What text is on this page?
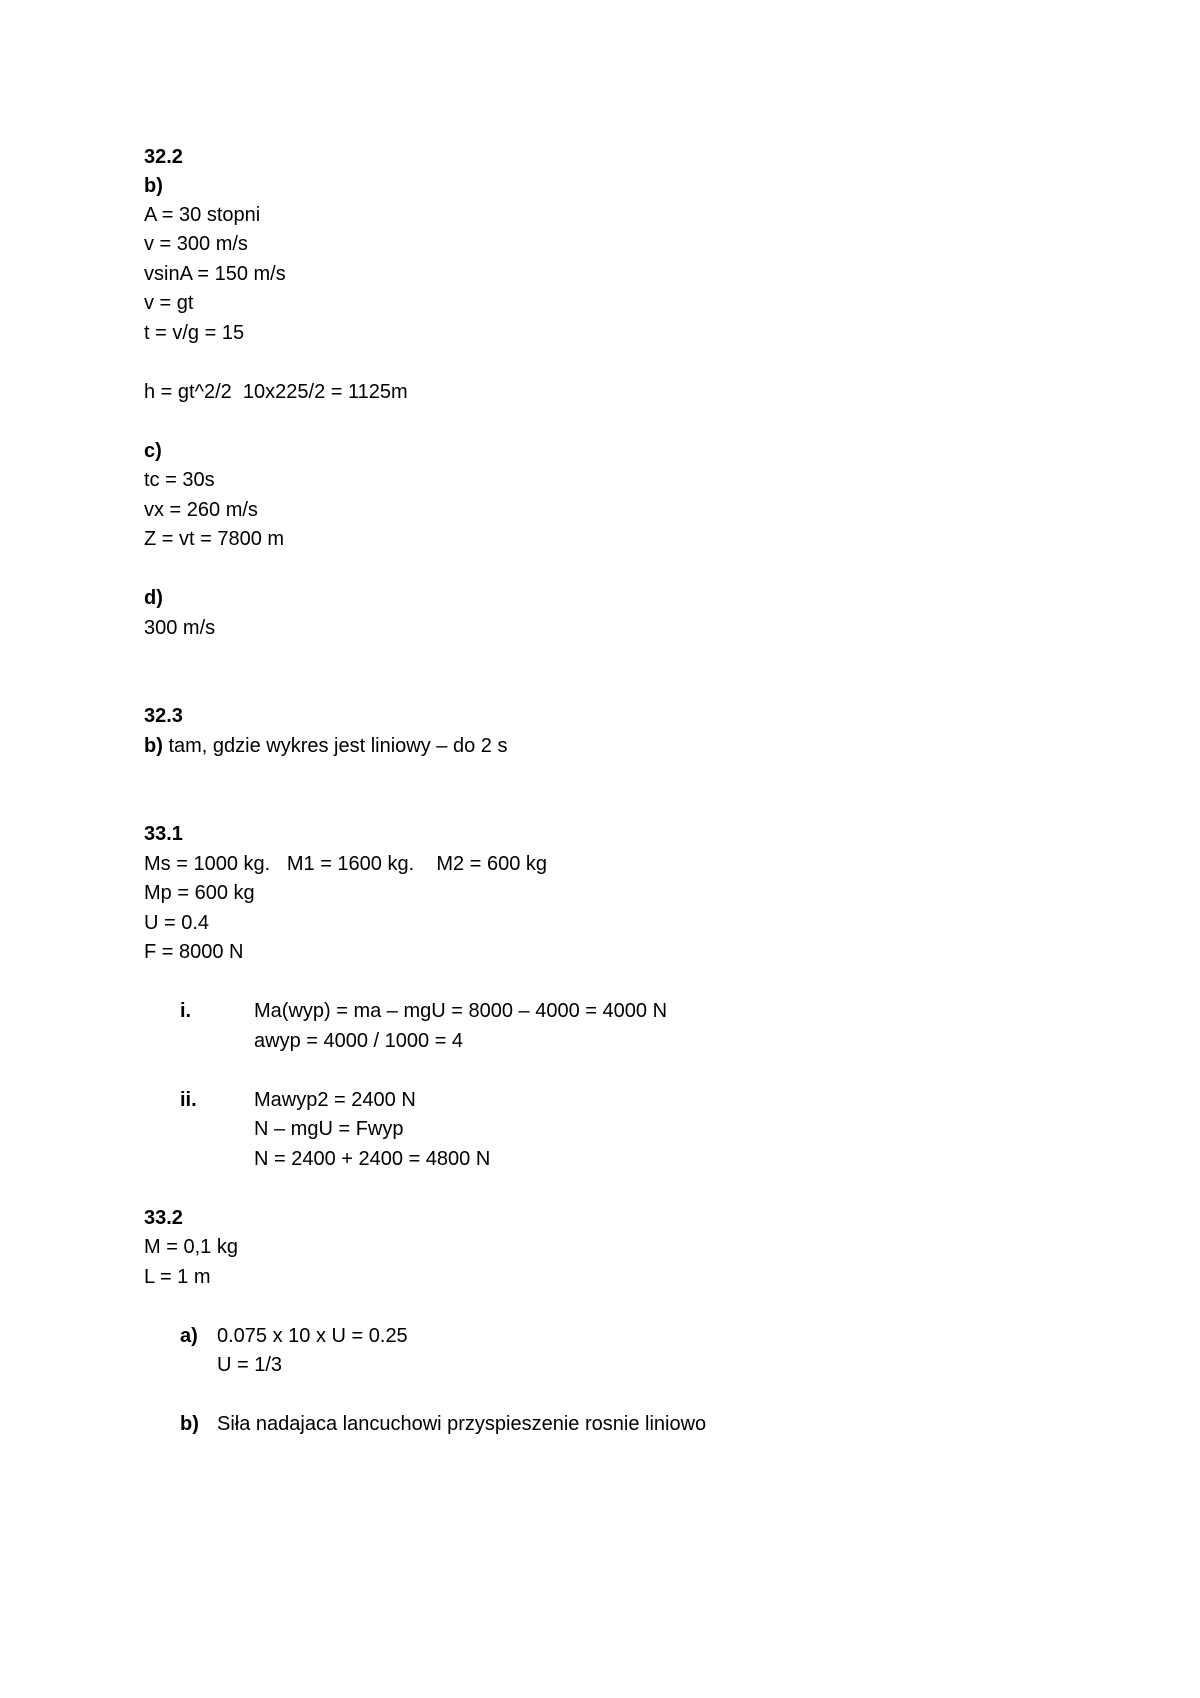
32.2
b)
A = 30 stopni
v = 300 m/s
vsinA = 150 m/s
v = gt
t = v/g = 15
h = gt^2/2  10x225/2 = 1125m
c)
tc = 30s
vx = 260 m/s
Z = vt = 7800 m
d)
300 m/s
32.3
b) tam, gdzie wykres jest liniowy – do 2 s
33.1
Ms = 1000 kg.   M1 = 1600 kg.    M2 = 600 kg
Mp = 600 kg
U = 0.4
F = 8000 N
i.	Ma(wyp) = ma – mgU = 8000 – 4000 = 4000 N
awyp = 4000 / 1000 = 4
ii.	Mawyp2 = 2400 N
N – mgU = Fwyp
N = 2400 + 2400 = 4800 N
33.2
M = 0,1 kg
L = 1 m
a) 0.075 x 10 x U = 0.25
U = 1/3
b) Siła nadajaca lancuchowi przyspieszenie rosnie liniowo
